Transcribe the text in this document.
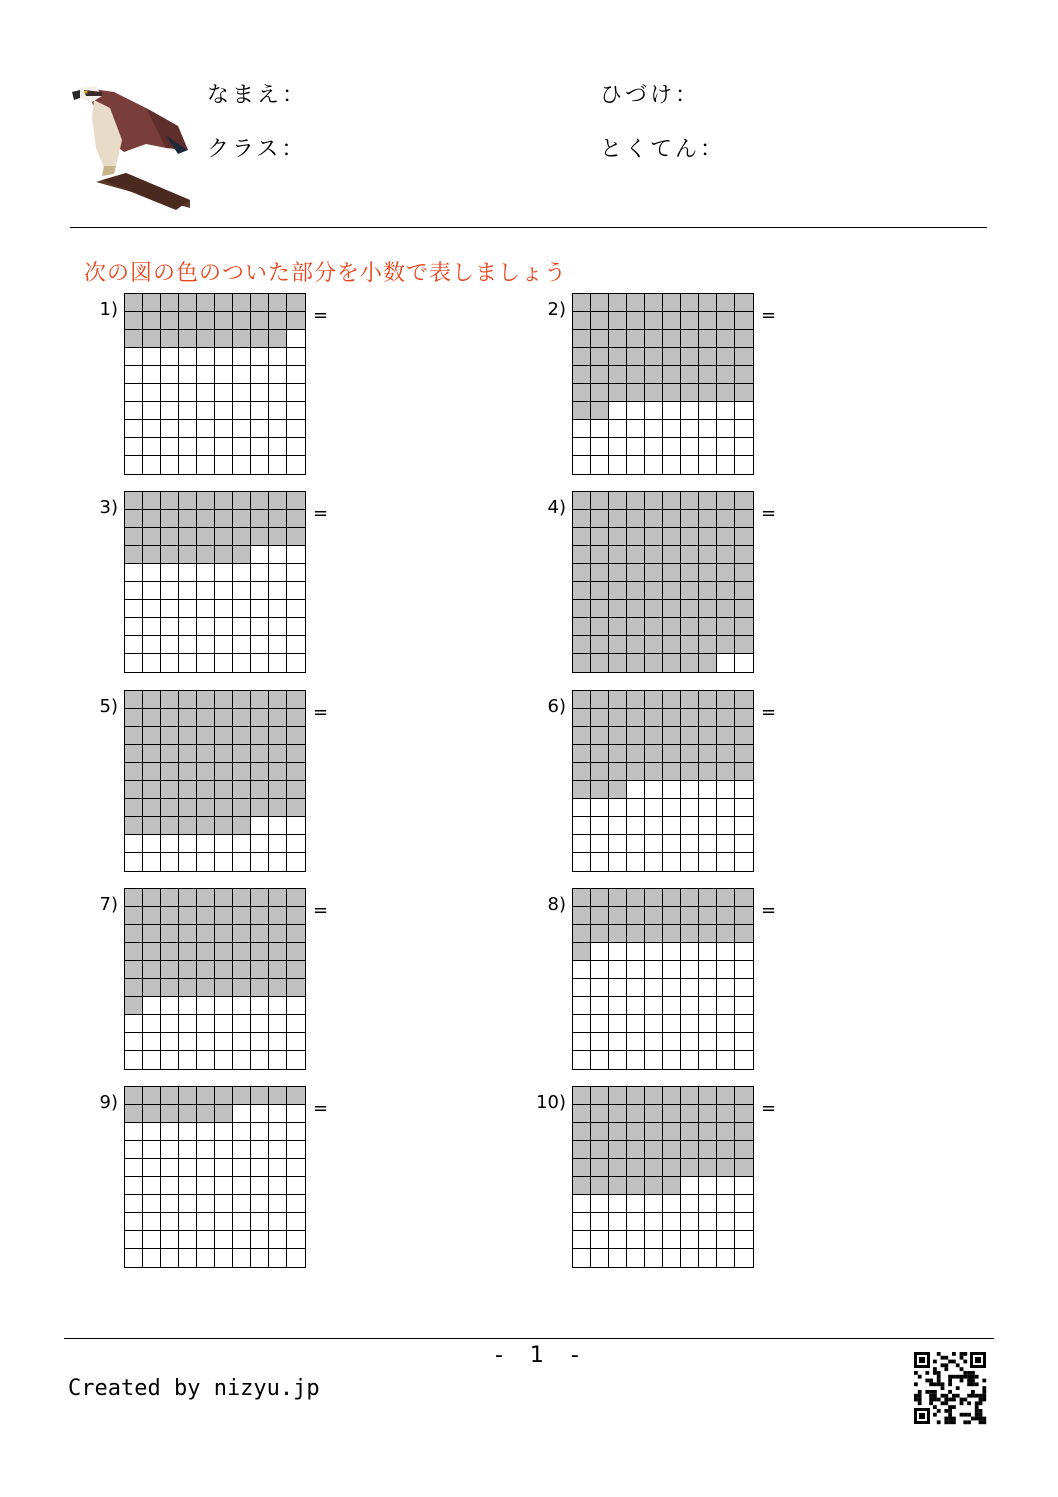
なまえ：	ひづけ：
クラス：	とくてん：
次の図の色のついた部分を小数で表しましょう
1)	=	2)	=
3)	=	4)	=
5)	=	6)	=
7)	=	8)	=
9)	=	10)	=
- 1 -
Created by nizyu.jp
